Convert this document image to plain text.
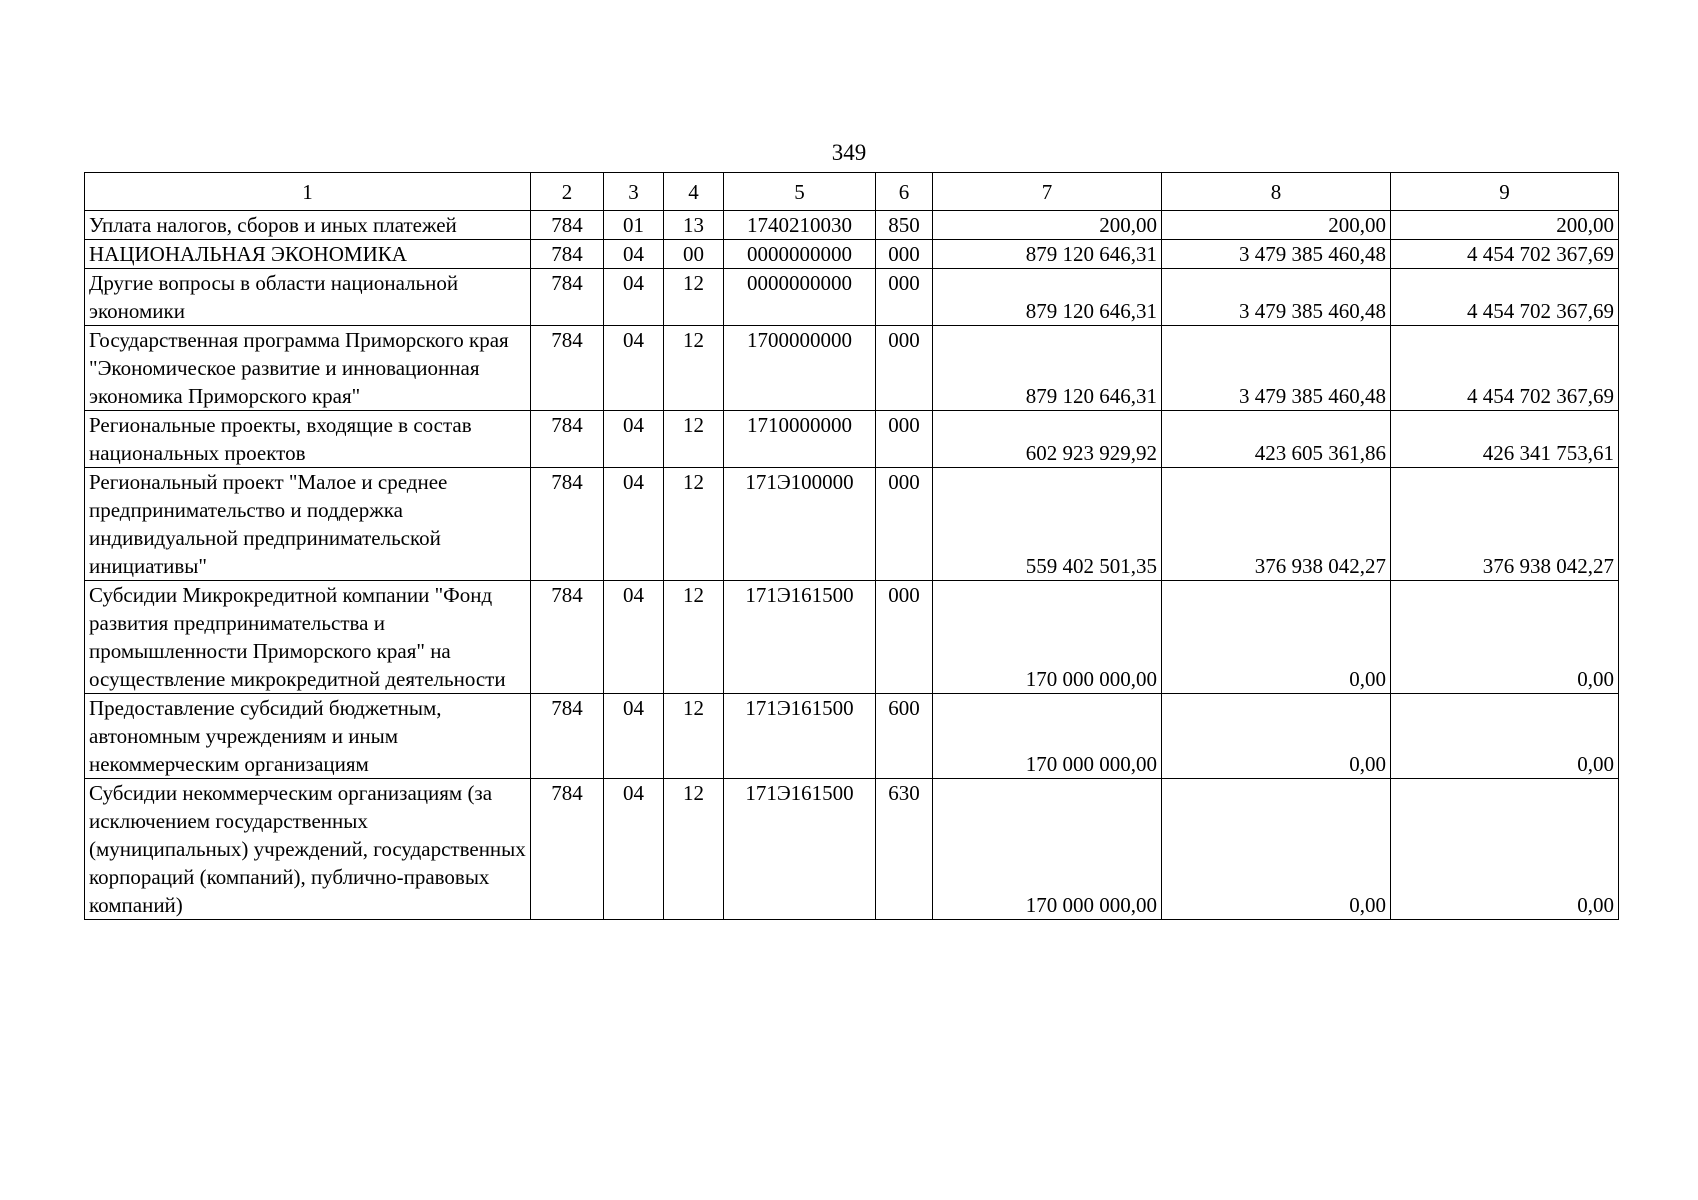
349
1	2	3	4	5	6	7	8	9
Уплата налогов, сборов и иных платежей	784	01	13	1740210030	850	200,00	200,00	200,00
НАЦИОНАЛЬНАЯ ЭКОНОМИКА	784	04	00	0000000000	000	879 120 646,31	3 479 385 460,48	4 454 702 367,69
Другие вопросы в области национальной экономики	784	04	12	0000000000	000	879 120 646,31	3 479 385 460,48	4 454 702 367,69
Государственная программа Приморского края "Экономическое развитие и инновационная экономика Приморского края"	784	04	12	1700000000	000	879 120 646,31	3 479 385 460,48	4 454 702 367,69
Региональные проекты, входящие в состав национальных проектов	784	04	12	1710000000	000	602 923 929,92	423 605 361,86	426 341 753,61
Региональный проект "Малое и среднее предпринимательство и поддержка индивидуальной предпринимательской инициативы"	784	04	12	171Э100000	000	559 402 501,35	376 938 042,27	376 938 042,27
Субсидии Микрокредитной компании "Фонд развития предпринимательства и промышленности Приморского края" на осуществление микрокредитной деятельности	784	04	12	171Э161500	000	170 000 000,00	0,00	0,00
Предоставление субсидий бюджетным, автономным учреждениям и иным некоммерческим организациям	784	04	12	171Э161500	600	170 000 000,00	0,00	0,00
Субсидии некоммерческим организациям (за исключением государственных (муниципальных) учреждений, государственных корпораций (компаний), публично-правовых компаний)	784	04	12	171Э161500	630	170 000 000,00	0,00	0,00
